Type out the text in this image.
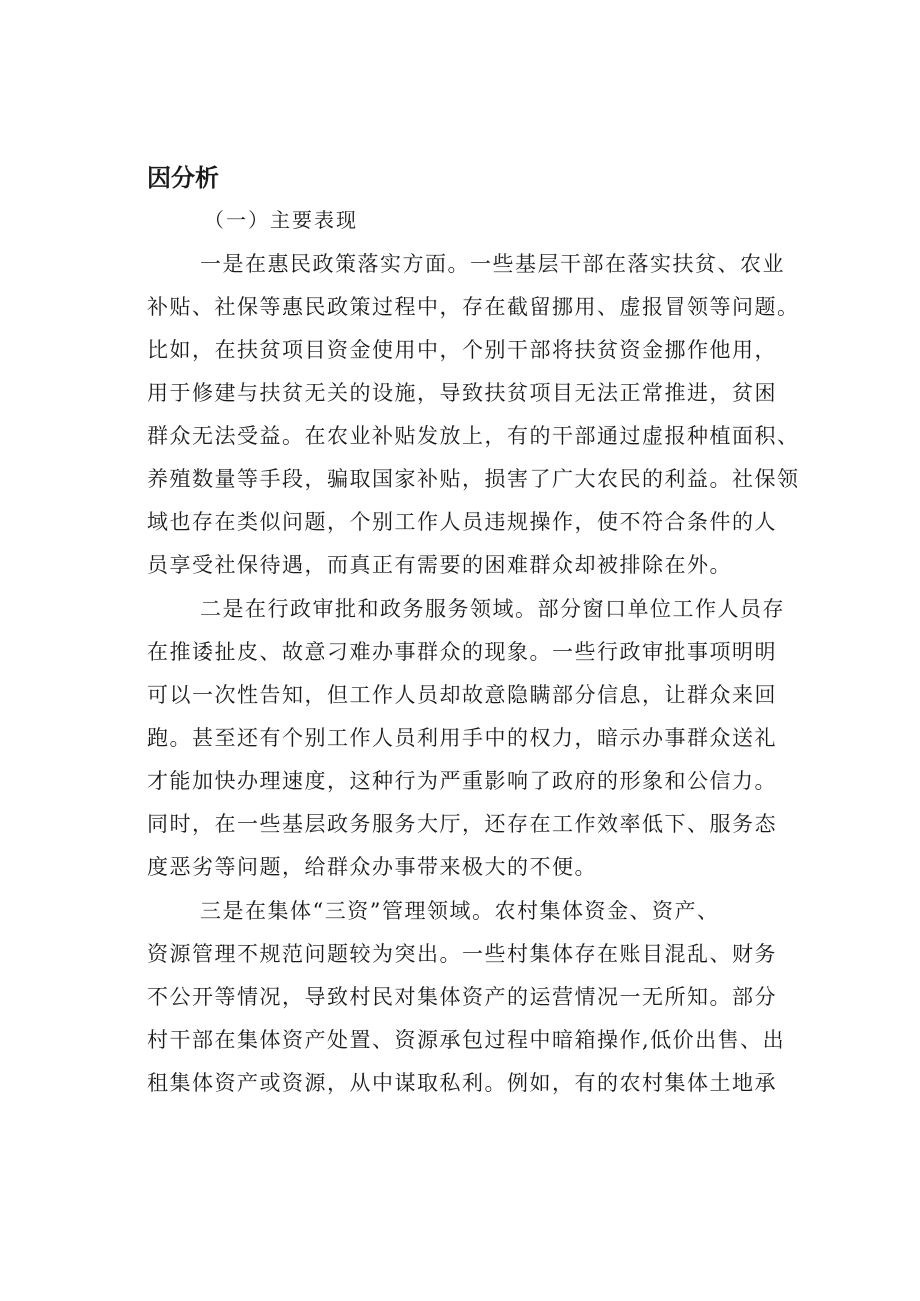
因分析

（一）主要表现

一是在惠民政策落实方面。一些基层干部在落实扶贫、农业

补贴、社保等惠民政策过程中，存在截留挪用、虚报冒领等问题。

比如，在扶贫项目资金使用中，个别干部将扶贫资金挪作他用，

用于修建与扶贫无关的设施，导致扶贫项目无法正常推进，贫困

群众无法受益。在农业补贴发放上，有的干部通过虚报种植面积、

养殖数量等手段，骗取国家补贴，损害了广大农民的利益。社保领

域也存在类似问题，个别工作人员违规操作，使不符合条件的人

员享受社保待遇，而真正有需要的困难群众却被排除在外。

二是在行政审批和政务服务领域。部分窗口单位工作人员存

在推诿扯皮、故意刁难办事群众的现象。一些行政审批事项明明

可以一次性告知，但工作人员却故意隐瞒部分信息，让群众来回

跑。甚至还有个别工作人员利用手中的权力，暗示办事群众送礼

才能加快办理速度，这种行为严重影响了政府的形象和公信力。

同时，在一些基层政务服务大厅，还存在工作效率低下、服务态

度恶劣等问题，给群众办事带来极大的不便。

三是在集体“三资”管理领域。农村集体资金、资产、

资源管理不规范问题较为突出。一些村集体存在账目混乱、财务

不公开等情况，导致村民对集体资产的运营情况一无所知。部分

村干部在集体资产处置、资源承包过程中暗箱操作,低价出售、出

租集体资产或资源，从中谋取私利。例如，有的农村集体土地承
